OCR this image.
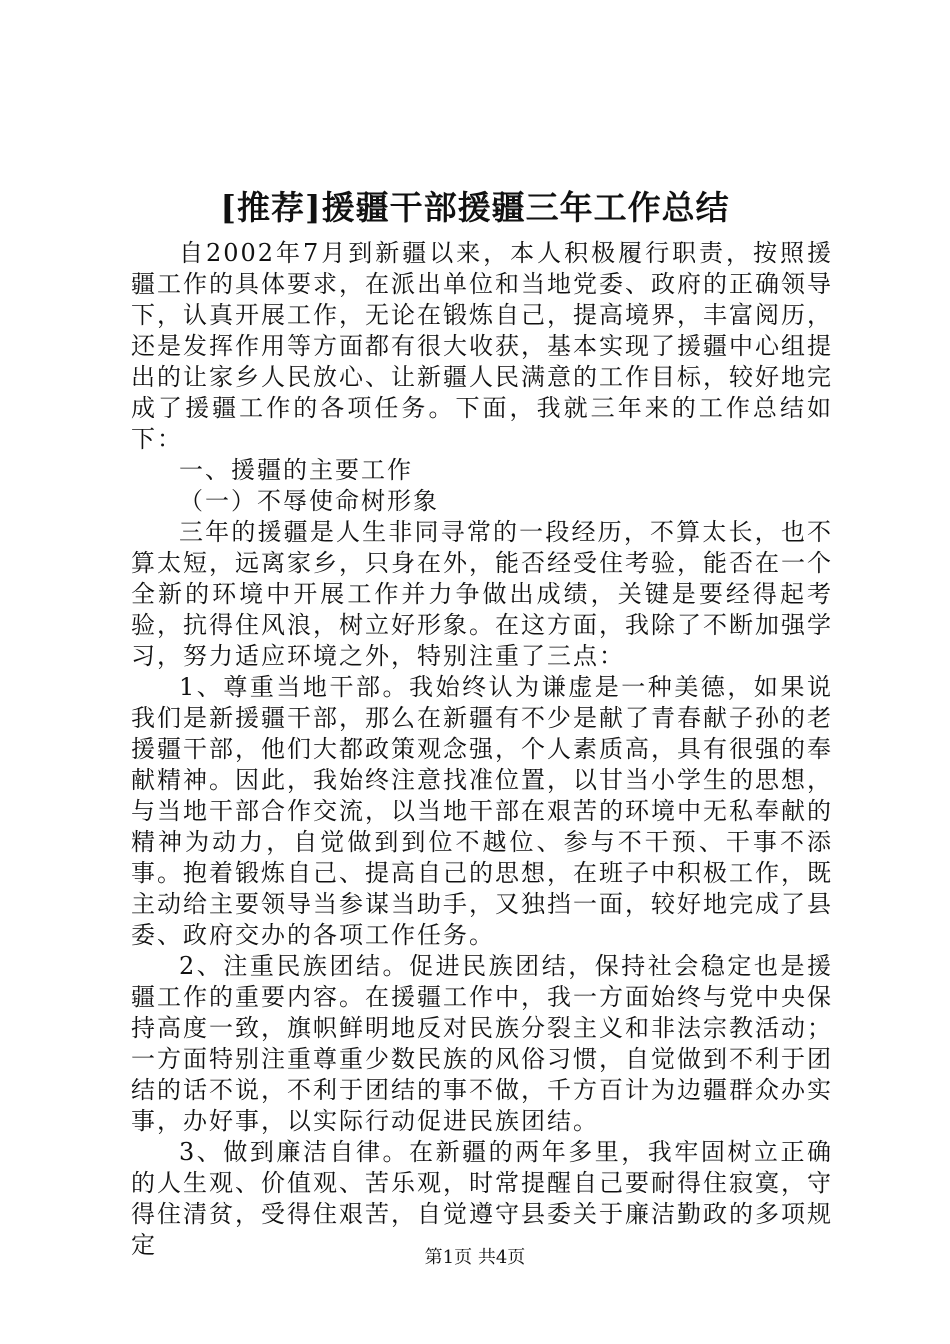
[推荐]援疆干部援疆三年工作总结

自2002年7月到新疆以来，本人积极履行职责，按照援疆工作的具体要求，在派出单位和当地党委、政府的正确领导下，认真开展工作，无论在锻炼自己，提高境界，丰富阅历，还是发挥作用等方面都有很大收获，基本实现了援疆中心组提出的让家乡人民放心、让新疆人民满意的工作目标，较好地完成了援疆工作的各项任务。下面，我就三年来的工作总结如下：

一、援疆的主要工作

（一）不辱使命树形象

三年的援疆是人生非同寻常的一段经历，不算太长，也不算太短，远离家乡，只身在外，能否经受住考验，能否在一个全新的环境中开展工作并力争做出成绩，关键是要经得起考验，抗得住风浪，树立好形象。在这方面，我除了不断加强学习，努力适应环境之外，特别注重了三点：

1、尊重当地干部。我始终认为谦虚是一种美德，如果说我们是新援疆干部，那么在新疆有不少是献了青春献子孙的老援疆干部，他们大都政策观念强，个人素质高，具有很强的奉献精神。因此，我始终注意找准位置，以甘当小学生的思想，与当地干部合作交流，以当地干部在艰苦的环境中无私奉献的精神为动力，自觉做到到位不越位、参与不干预、干事不添事。抱着锻炼自己、提高自己的思想，在班子中积极工作，既主动给主要领导当参谋当助手，又独挡一面，较好地完成了县委、政府交办的各项工作任务。

2、注重民族团结。促进民族团结，保持社会稳定也是援疆工作的重要内容。在援疆工作中，我一方面始终与党中央保持高度一致，旗帜鲜明地反对民族分裂主义和非法宗教活动；一方面特别注重尊重少数民族的风俗习惯，自觉做到不利于团结的话不说，不利于团结的事不做，千方百计为边疆群众办实事，办好事，以实际行动促进民族团结。

3、做到廉洁自律。在新疆的两年多里，我牢固树立正确的人生观、价值观、苦乐观，时常提醒自己要耐得住寂寞，守得住清贫，受得住艰苦，自觉遵守县委关于廉洁勤政的多项规定	第1页 共4页
